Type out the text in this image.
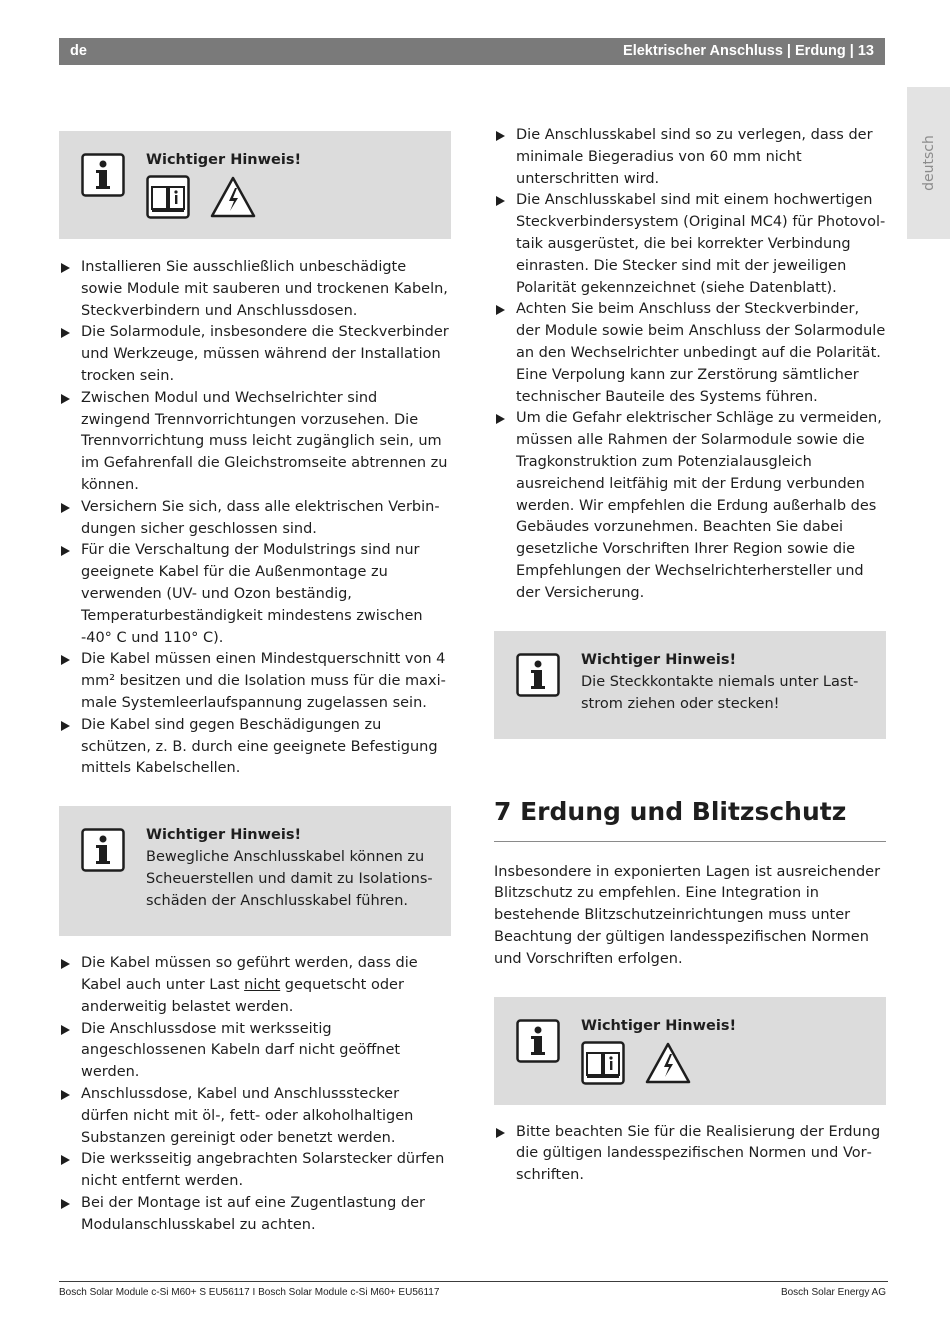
de	Elektrischer Anschluss | Erdung | 13
deutsch
Wichtiger Hinweis!
Installieren Sie ausschließlich unbeschädigte sowie Module mit sauberen und trockenen Kabeln, Steckverbindern und Anschlussdosen.
Die Solarmodule, insbesondere die Steckverbinder und Werkzeuge, müssen während der Installation trocken sein.
Zwischen Modul und Wechselrichter sind zwingend Trennvorrichtungen vorzusehen. Die Trennvorrichtung muss leicht zugänglich sein, um im Gefahrenfall die Gleichstromseite abtrennen zu können.
Versichern Sie sich, dass alle elektrischen Verbindungen sicher geschlossen sind.
Für die Verschaltung der Modulstrings sind nur geeignete Kabel für die Außenmontage zu verwenden (UV- und Ozon beständig, Temperaturbeständigkeit mindestens zwischen -40° C und 110° C).
Die Kabel müssen einen Mindestquerschnitt von 4 mm² besitzen und die Isolation muss für die maximale Systemleerlaufspannung zugelassen sein.
Die Kabel sind gegen Beschädigungen zu schützen, z. B. durch eine geeignete Befestigung mittels Kabelschellen.
Wichtiger Hinweis!
Bewegliche Anschlusskabel können zu Scheuerstellen und damit zu Isolationsschäden der Anschlusskabel führen.
Die Kabel müssen so geführt werden, dass die Kabel auch unter Last nicht gequetscht oder anderweitig belastet werden.
Die Anschlussdose mit werksseitig angeschlossenen Kabeln darf nicht geöffnet werden.
Anschlussdose, Kabel und Anschlussstecker dürfen nicht mit öl-, fett- oder alkoholhaltigen Substanzen gereinigt oder benetzt werden.
Die werksseitig angebrachten Solarstecker dürfen nicht entfernt werden.
Bei der Montage ist auf eine Zugentlastung der Modulanschlusskabel zu achten.
Die Anschlusskabel sind so zu verlegen, dass der minimale Biegeradius von 60 mm nicht unterschritten wird.
Die Anschlusskabel sind mit einem hochwertigen Steckverbindersystem (Original MC4) für Photovoltaik ausgerüstet, die bei korrekter Verbindung einrasten. Die Stecker sind mit der jeweiligen Polarität gekennzeichnet (siehe Datenblatt).
Achten Sie beim Anschluss der Steckverbinder, der Module sowie beim Anschluss der Solarmodule an den Wechselrichter unbedingt auf die Polarität. Eine Verpolung kann zur Zerstörung sämtlicher technischer Bauteile des Systems führen.
Um die Gefahr elektrischer Schläge zu vermeiden, müssen alle Rahmen der Solarmodule sowie die Tragkonstruktion zum Potenzialausgleich ausreichend leitfähig mit der Erdung verbunden werden. Wir empfehlen die Erdung außerhalb des Gebäudes vorzunehmen. Beachten Sie dabei gesetzliche Vorschriften Ihrer Region sowie die Empfehlungen der Wechselrichterhersteller und der Versicherung.
Wichtiger Hinweis!
Die Steckkontakte niemals unter Laststrom ziehen oder stecken!
7 Erdung und Blitzschutz

Insbesondere in exponierten Lagen ist ausreichender Blitzschutz zu empfehlen. Eine Integration in bestehende Blitzschutzeinrichtungen muss unter Beachtung der gültigen landesspezifischen Normen und Vorschriften erfolgen.

Wichtiger Hinweis!
Bitte beachten Sie für die Realisierung der Erdung die gültigen landesspezifischen Normen und Vorschriften.
Bosch Solar Module c-Si M60+ S EU56117 I Bosch Solar Module c-Si M60+ EU56117	Bosch Solar Energy AG
